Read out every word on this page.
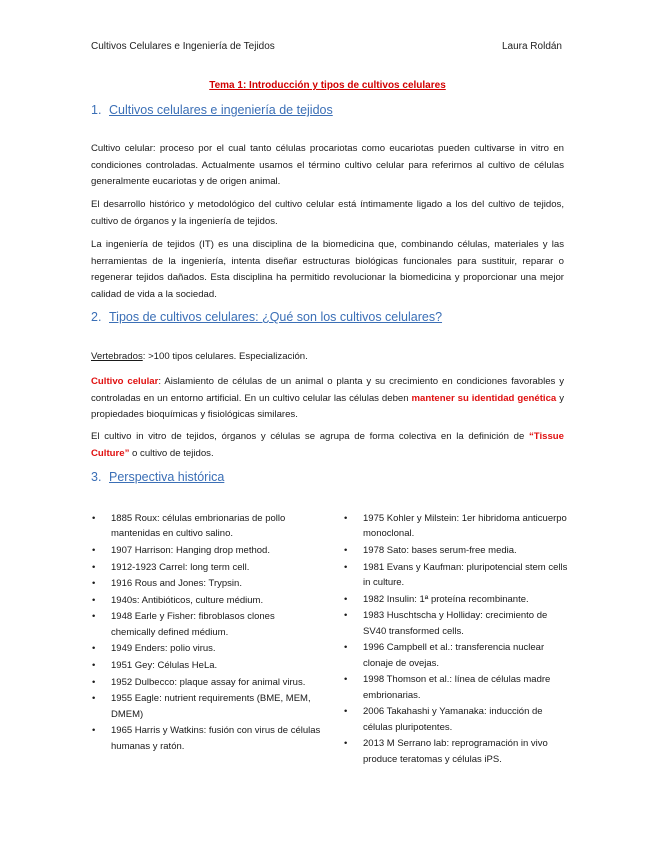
Cultivos Celulares e Ingeniería de Tejidos	Laura Roldán
Tema 1: Introducción y tipos de cultivos celulares
1. Cultivos celulares e ingeniería de tejidos
Cultivo celular: proceso por el cual tanto células procariotas como eucariotas pueden cultivarse in vitro en condiciones controladas. Actualmente usamos el término cultivo celular para referirnos al cultivo de células generalmente eucariotas y de origen animal.
El desarrollo histórico y metodológico del cultivo celular está íntimamente ligado a los del cultivo de tejidos, cultivo de órganos y la ingeniería de tejidos.
La ingeniería de tejidos (IT) es una disciplina de la biomedicina que, combinando células, materiales y las herramientas de la ingeniería, intenta diseñar estructuras biológicas funcionales para sustituir, reparar o regenerar tejidos dañados. Esta disciplina ha permitido revolucionar la biomedicina y proporcionar una mejor calidad de vida a la sociedad.
2. Tipos de cultivos celulares: ¿Qué son los cultivos celulares?
Vertebrados: >100 tipos celulares. Especialización.
Cultivo celular: Aislamiento de células de un animal o planta y su crecimiento en condiciones favorables y controladas en un entorno artificial. En un cultivo celular las células deben mantener su identidad genética y propiedades bioquímicas y fisiológicas similares.
El cultivo in vitro de tejidos, órganos y células se agrupa de forma colectiva en la definición de “Tissue Culture” o cultivo de tejidos.
3. Perspectiva histórica
• 1885 Roux: células embrionarias de pollo mantenidas en cultivo salino.
• 1907 Harrison: Hanging drop method.
• 1912-1923 Carrel: long term cell.
• 1916 Rous and Jones: Trypsin.
• 1940s: Antibióticos, culture médium.
• 1948 Earle y Fisher: fibroblasos clones chemically defined médium.
• 1949 Enders: polio virus.
• 1951 Gey: Células HeLa.
• 1952 Dulbecco: plaque assay for animal virus.
• 1955 Eagle: nutrient requirements (BME, MEM, DMEM)
• 1965 Harris y Watkins: fusión con virus de células humanas y ratón.
• 1975 Kohler y Milstein: 1er hibridoma anticuerpo monoclonal.
• 1978 Sato: bases serum-free media.
• 1981 Evans y Kaufman: pluripotencial stem cells in culture.
• 1982 Insulin: 1ª proteína recombinante.
• 1983 Huschtscha y Holliday: crecimiento de SV40 transformed cells.
• 1996 Campbell et al.: transferencia nuclear clonaje de ovejas.
• 1998 Thomson et al.: línea de células madre embrionarias.
• 2006 Takahashi y Yamanaka: inducción de células pluripotentes.
• 2013 M Serrano lab: reprogramación in vivo produce teratomas y células iPS.
